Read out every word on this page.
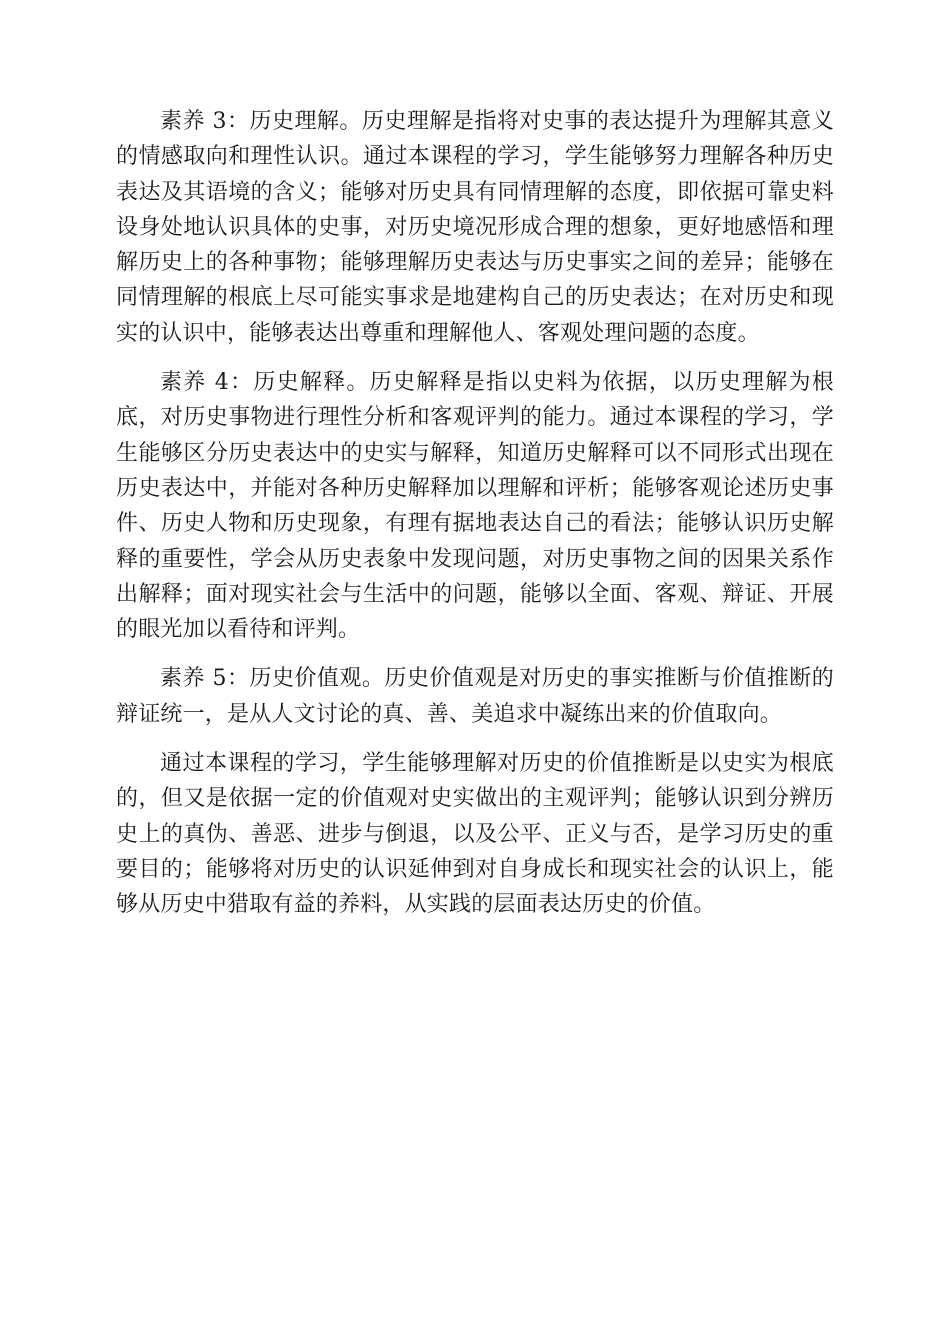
素养 3：历史理解。历史理解是指将对史事的表达提升为理解其意义的情感取向和理性认识。通过本课程的学习，学生能够努力理解各种历史表达及其语境的含义；能够对历史具有同情理解的态度，即依据可靠史料设身处地认识具体的史事，对历史境况形成合理的想象，更好地感悟和理解历史上的各种事物；能够理解历史表达与历史事实之间的差异；能够在同情理解的根底上尽可能实事求是地建构自己的历史表达；在对历史和现实的认识中，能够表达出尊重和理解他人、客观处理问题的态度。

素养 4：历史解释。历史解释是指以史料为依据，以历史理解为根底，对历史事物进行理性分析和客观评判的能力。通过本课程的学习，学生能够区分历史表达中的史实与解释，知道历史解释可以不同形式出现在历史表达中，并能对各种历史解释加以理解和评析；能够客观论述历史事件、历史人物和历史现象，有理有据地表达自己的看法；能够认识历史解释的重要性，学会从历史表象中发现问题，对历史事物之间的因果关系作出解释；面对现实社会与生活中的问题，能够以全面、客观、辩证、开展的眼光加以看待和评判。

素养 5：历史价值观。历史价值观是对历史的事实推断与价值推断的辩证统一，是从人文讨论的真、善、美追求中凝练出来的价值取向。

通过本课程的学习，学生能够理解对历史的价值推断是以史实为根底的，但又是依据一定的价值观对史实做出的主观评判；能够认识到分辨历史上的真伪、善恶、进步与倒退，以及公平、正义与否，是学习历史的重要目的；能够将对历史的认识延伸到对自身成长和现实社会的认识上，能够从历史中猎取有益的养料，从实践的层面表达历史的价值。
